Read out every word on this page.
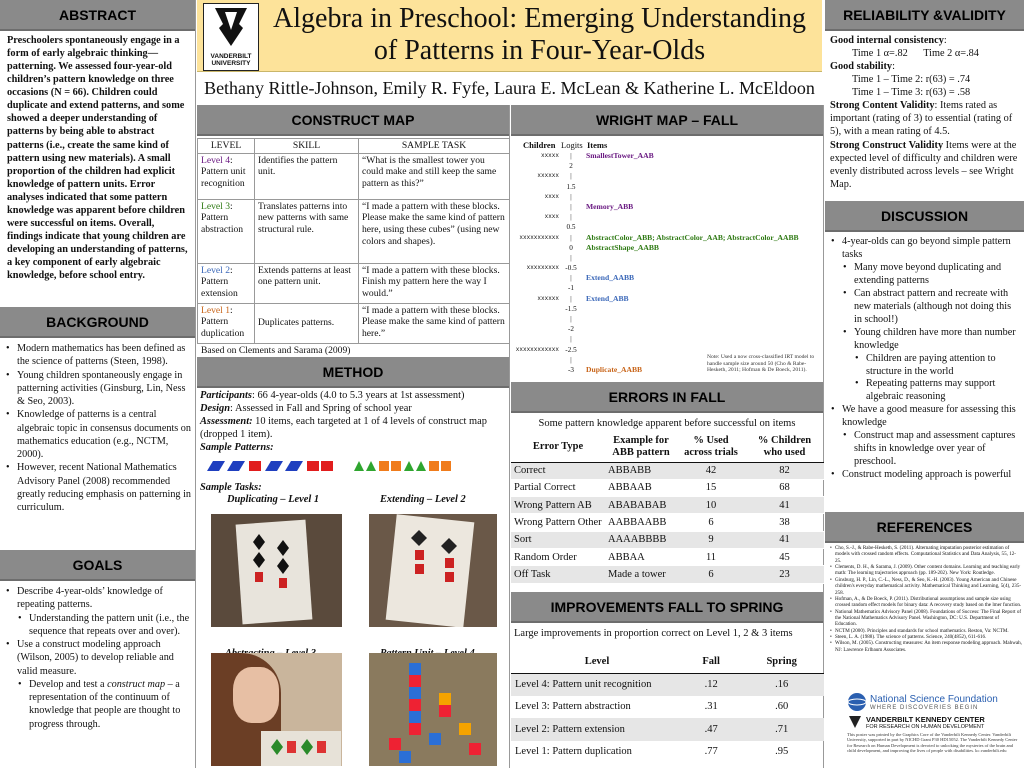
ABSTRACT
Preschoolers spontaneously engage in a form of early algebraic thinking—patterning. We assessed four-year-old children’s pattern knowledge on three occasions (N = 66). Children could duplicate and extend patterns, and some showed a deeper understanding of patterns by being able to abstract patterns (i.e., create the same kind of pattern using new materials). A small proportion of the children had explicit knowledge of pattern units. Error analyses indicated that some pattern knowledge was apparent before children were successful on items. Overall, findings indicate that young children are developing an understanding of patterns, a key component of early algebraic knowledge, before school entry.
BACKGROUND
• Modern mathematics has been defined as the science of patterns (Steen, 1998).
• Young children spontaneously engage in patterning activities (Ginsburg, Lin, Ness & Seo, 2003).
• Knowledge of patterns is a central algebraic topic in consensus documents on mathematics education (e.g., NCTM, 2000).
• However, recent National Mathematics Advisory Panel (2008) recommended greatly reducing emphasis on patterning in curriculum.
GOALS
• Describe 4-year-olds’ knowledge of repeating patterns.
• Understanding the pattern unit (i.e., the sequence that repeats over and over).
• Use a construct modeling approach (Wilson, 2005) to develop reliable and valid measure.
• Develop and test a construct map – a representation of the continuum of knowledge that people are thought to progress through.
VANDERBILT
UNIVERSITY
Algebra in Preschool: Emerging Understanding of Patterns in Four-Year-Olds
Bethany Rittle-Johnson, Emily R. Fyfe, Laura E. McLean & Katherine L. McEldoon
CONSTRUCT MAP
LEVEL	SKILL	SAMPLE TASK
Level 4: Pattern unit recognition	Identifies the pattern unit.	“What is the smallest tower you could make and still keep the same pattern as this?”
Level 3: Pattern abstraction	Translates patterns into new patterns with same structural rule.	“I made a pattern with these blocks. Please make the same kind of pattern here, using these cubes” (using new colors and shapes).
Level 2: Pattern extension	Extends patterns at least one pattern unit.	“I made a pattern with these blocks. Finish my pattern here the way I would.”
Level 1: Pattern duplication	Duplicates patterns.	“I made a pattern with these blocks. Please make the same kind of pattern here.”
Based on Clements and Sarama (2009)
METHOD
Participants: 66 4-year-olds (4.0 to 5.3 years at 1st assessment)
Design: Assessed in Fall and Spring of school year
Assessment: 10 items, each targeted at 1 of 4 levels of construct map (dropped 1 item).
Sample Patterns:
Sample Tasks:
Duplicating – Level 1	Extending – Level 2
WRIGHT MAP – FALL
Children Logits Items
xxxxx	|	SmallestTower_AAB
2
xxxxxx	|
1.5
xxxx	|
|	Memory_ABB
xxxx	|
0.5
xxxxxxxxxxx	|	AbstractColor_ABB; AbstractColor_AAB; AbstractColor_AABB
0	AbstractShape_AABB
|
xxxxxxxxx -0.5
|	Extend_AABB
-1
xxxxxx	|	Extend_ABB
-1.5
|
-2
|
xxxxxxxxxxxx -2.5
|
-3	Duplicate_AABB
Note: Used a now cross-classified IRT model to handle sample size around 50 (Cho & Rabe-Hesketh, 2011; Hofman & De Boeck, 2011).
ERRORS IN FALL
Some pattern knowledge apparent before successful on items
Error Type	Example for ABB pattern	% Used across trials	% Children who used
Correct	ABBABB	42	82
Partial Correct	ABBAAB	15	68
Wrong Pattern AB	ABABABAB	10	41
Wrong Pattern Other	AABBAABB	6	38
Sort	AAAABBBB	9	41
Random Order	ABBAA	11	45
Off Task	Made a tower	6	23
IMPROVEMENTS FALL TO SPRING
Large improvements in proportion correct on Level 1, 2 & 3 items
Level	Fall	Spring
Level 4: Pattern unit recognition	.12	.16
Level 3: Pattern abstraction	.31	.60
Level 2: Pattern extension	.47	.71
Level 1: Pattern duplication	.77	.95
RELIABILITY &VALIDITY
Good internal consistency:
Time 1 α=.82 Time 2 α=.84
Good stability:
Time 1 – Time 2: r(63) = .74
Time 1 – Time 3: r(63) = .58
Strong Content Validity: Items rated as important (rating of 3) to essential (rating of 5), with a mean rating of 4.5.
Strong Construct Validity Items were at the expected level of difficulty and children were evenly distributed across levels – see Wright Map.
DISCUSSION
• 4-year-olds can go beyond simple pattern tasks
• Many move beyond duplicating and extending patterns
• Can abstract pattern and recreate with new materials (although not doing this in school!)
• Young children have more than number knowledge
• Children are paying attention to structure in the world
• Repeating patterns may support algebraic reasoning
• We have a good measure for assessing this knowledge
• Construct map and assessment captures shifts in knowledge over year of preschool.
• Construct modeling approach is powerful
REFERENCES
• Cho, S.-J., & Rabe-Hesketh, S. (2011). Alternating imputation posterior estimation of models with crossed random effects. Computational Statistics and Data Analysis, 55, 12-25.
• Clements, D. H., & Sarama, J. (2009). Other content domains. Learning and teaching early math: The learning trajectories approach (pp. 189-202). New York: Routledge.
• Ginsburg, H. P., Lin, C.-L., Ness, D., & Seo, K.-H. (2003). Young American and Chinese children's everyday mathematical activity. Mathematical Thinking and Learning, 5(4), 235-258.
• Hofman, A., & De Boeck, P. (2011). Distributional assumptions and sample size using crossed random effect models for binary data: A recovery study based on the lmer function.
• National Mathematics Advisory Panel (2008). Foundations of Success: The Final Report of the National Mathematics Advisory Panel. Washington, DC: U.S. Department of Education.
• NCTM (2000). Principles and standards for school mathematics. Reston, Va: NCTM.
• Steen, L. A. (1988). The science of patterns. Science, 240(4852), 611-616.
• Wilson, M. (2005). Constructing measures: An item response modeling approach. Mahwah, NJ: Lawrence Erlbaum Associates.
National Science Foundation
WHERE DISCOVERIES BEGIN
VANDERBILT KENNEDY CENTER
FOR RESEARCH ON HUMAN DEVELOPMENT
This poster was printed by the Graphics Core of the Vanderbilt Kennedy Center. Vanderbilt University, supported in part by NICHD Grant P30 HD15052. The Vanderbilt Kennedy Center for Research on Human Development is devoted to unlocking the mysteries of the brain and child development, and improving the lives of people with disabilities. kc.vanderbilt.edu
